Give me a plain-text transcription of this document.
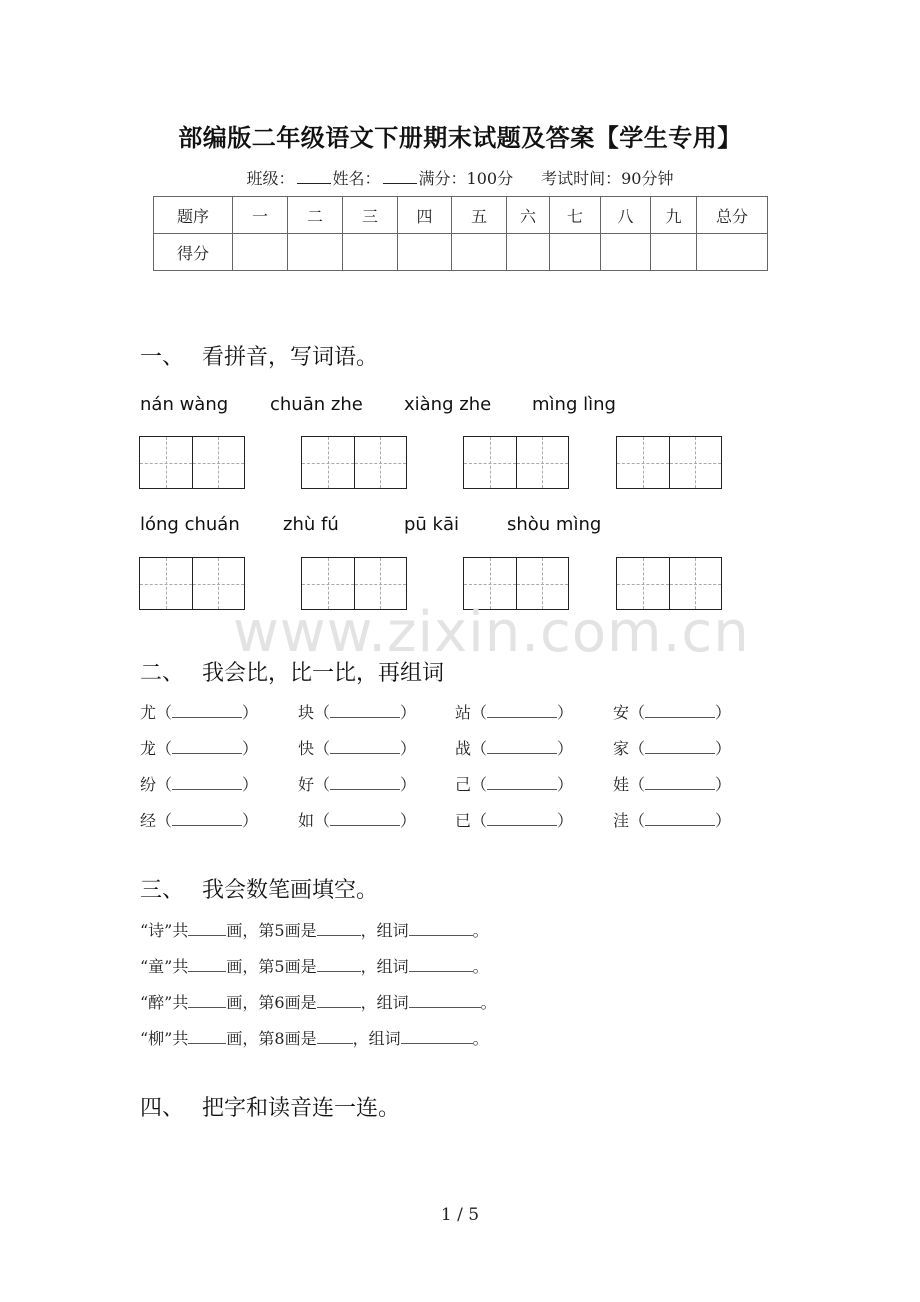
部编版二年级语文下册期末试题及答案【学生专用】
班级： 姓名： 满分：100分 考试时间：90分钟
题序	一	二	三	四	五	六	七	八	九	总分
得分										
一、 看拼音，写词语。
nán wàng chuān zhe xiàng zhe mìng lìng
lóng chuán zhù fú	pū kāi	shòu mìng
www.zixin.com.cn
二、 我会比，比一比，再组词
尤（	） 块（	） 站（	） 安（	）
龙（	） 快（	） 战（	） 家（	）
纷（	） 好（	） 己（	） 娃（	）
经（	） 如（	） 已（	） 洼（	）
三、 我会数笔画填空。
“诗”共 画，第5画是	，组词	。
“童”共 画，第5画是	，组词	。
“醉”共 画，第6画是	，组词	。
“柳”共 画，第8画是 ，组词	。
四、 把字和读音连一连。
1 / 5
